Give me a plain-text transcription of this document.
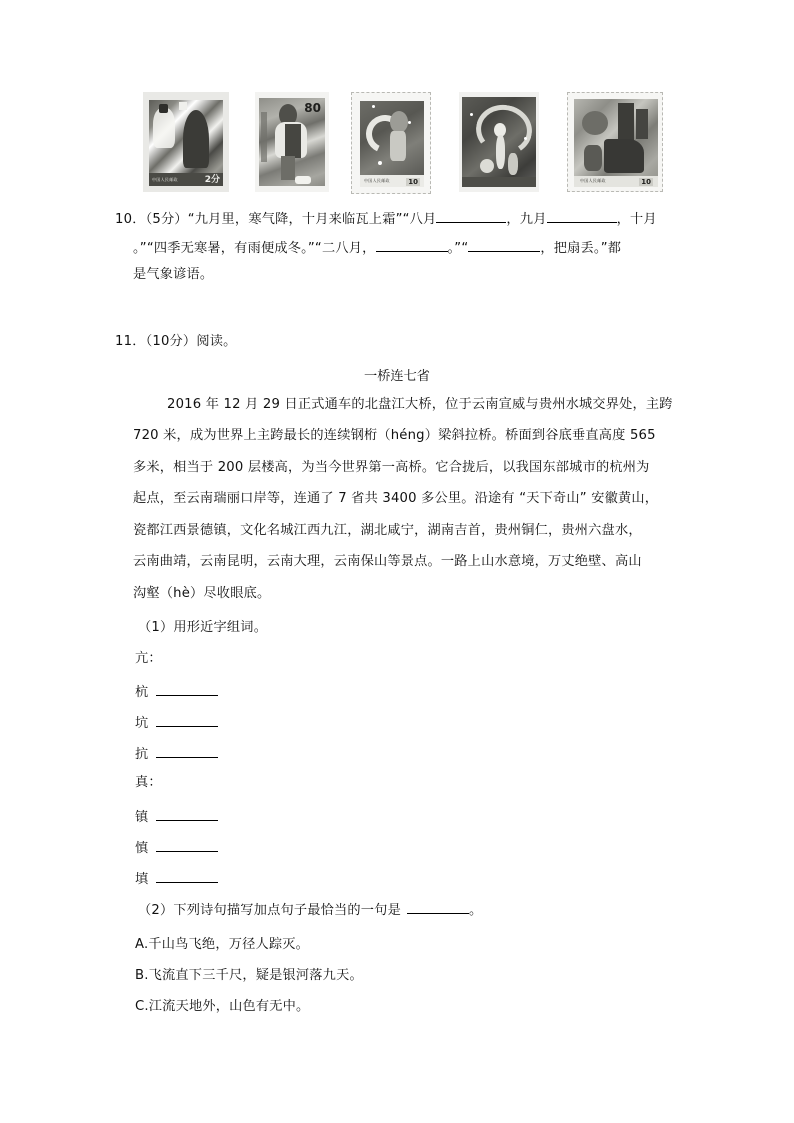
中国人民邮政	2分
80
中国人民邮政	10	中国人民邮政	10
10．（5分）“九月里，寒气降，十月来临瓦上霜”“八月	，九月	，十月
。”“四季无寒暑，有雨便成冬。”“二八月，	。”“	，把扇丢。”都
是气象谚语。
11．（10分）阅读。
一桥连七省
2016 年 12 月 29 日正式通车的北盘江大桥，位于云南宣威与贵州水城交界处，主跨
720 米，成为世界上主跨最长的连续钢桁（héng）梁斜拉桥。桥面到谷底垂直高度 565
多米，相当于 200 层楼高，为当今世界第一高桥。它合拢后，以我国东部城市的杭州为
起点，至云南瑞丽口岸等，连通了 7 省共 3400 多公里。沿途有 “天下奇山” 安徽黄山，
瓷都江西景德镇，文化名城江西九江，湖北咸宁，湖南吉首，贵州铜仁，贵州六盘水，
云南曲靖，云南昆明，云南大理，云南保山等景点。一路上山水意境，万丈绝壁、高山
沟壑（hè）尽收眼底。
（1）用形近字组词。
亢：
杭
坑
抗
真：
镇
慎
填
（2）下列诗句描写加点句子最恰当的一句是	。
A.千山鸟飞绝，万径人踪灭。
B.飞流直下三千尺，疑是银河落九天。
C.江流天地外，山色有无中。
